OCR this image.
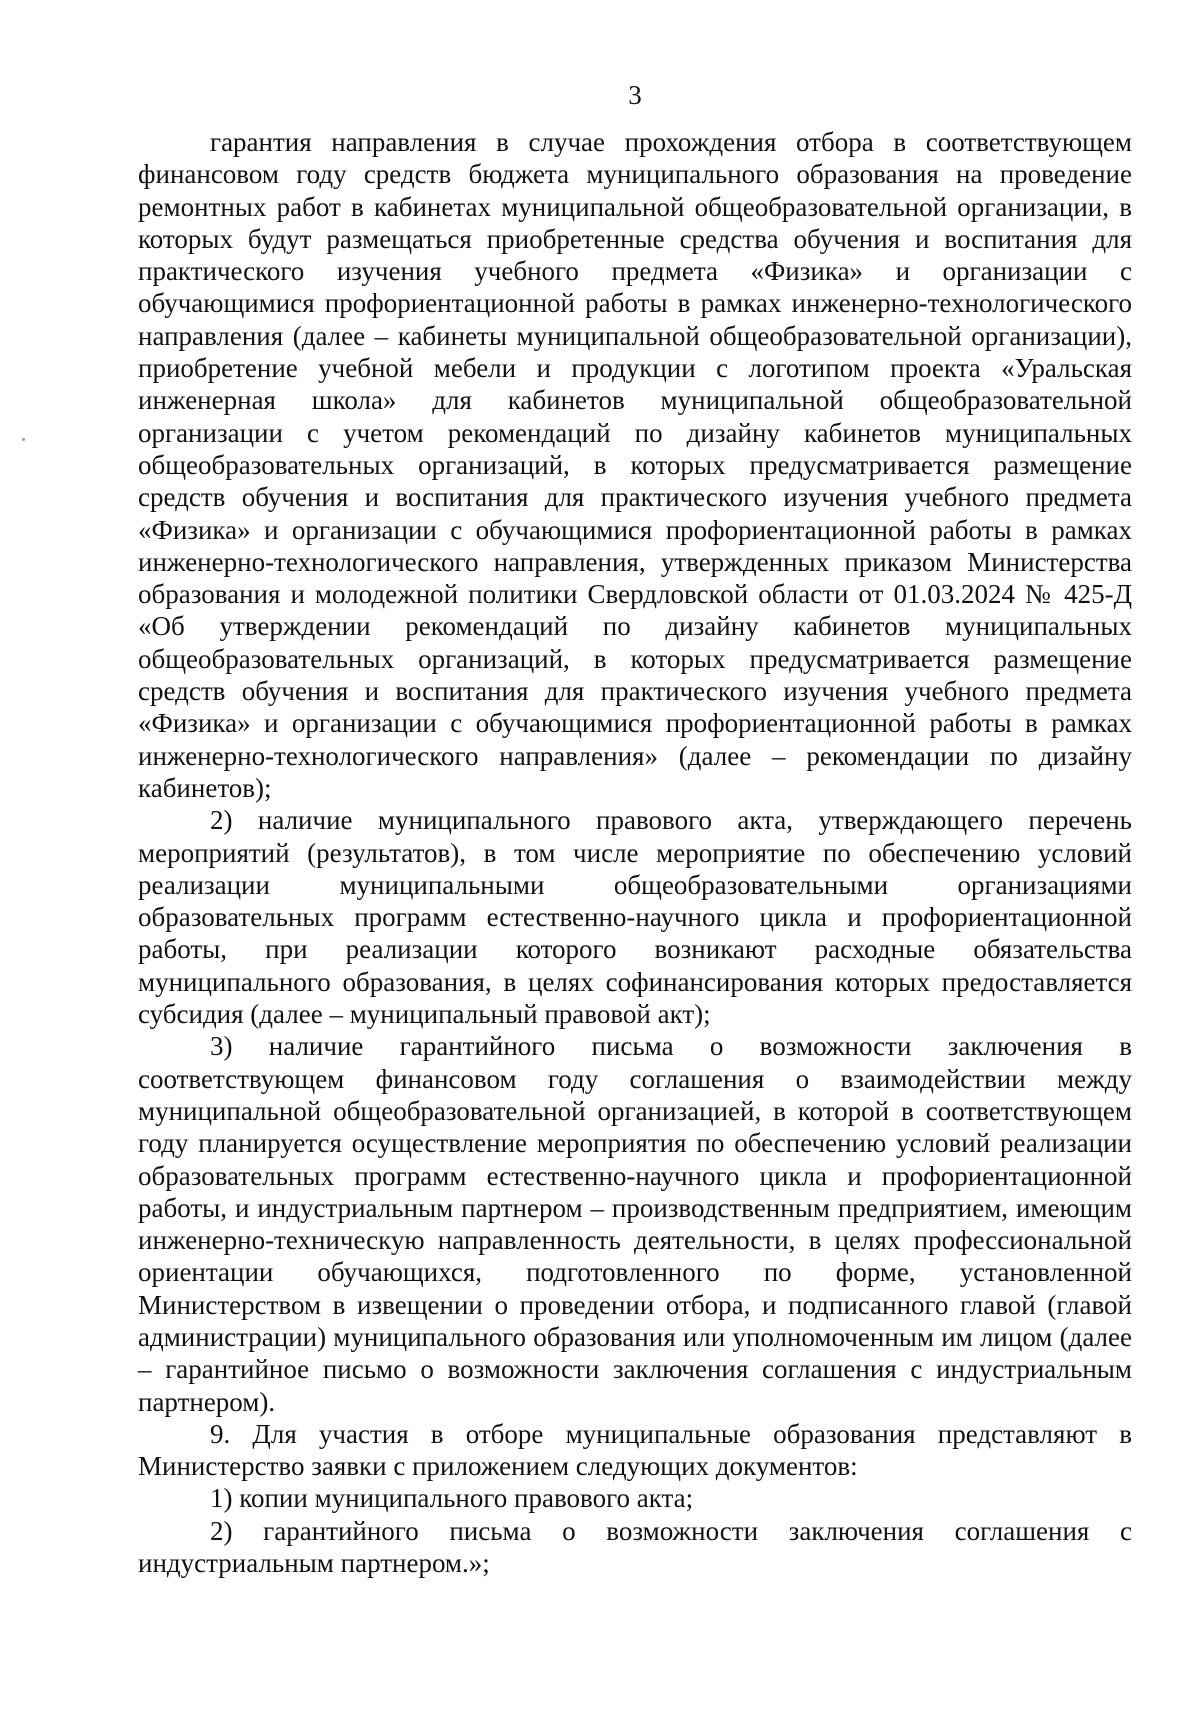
3

гарантия направления в случае прохождения отбора в соответствующем финансовом году средств бюджета муниципального образования на проведение ремонтных работ в кабинетах муниципальной общеобразовательной организации, в которых будут размещаться приобретенные средства обучения и воспитания для практического изучения учебного предмета «Физика» и организации с обучающимися профориентационной работы в рамках инженерно-технологического направления (далее – кабинеты муниципальной общеобразовательной организации), приобретение учебной мебели и продукции с логотипом проекта «Уральская инженерная школа» для кабинетов муниципальной общеобразовательной организации с учетом рекомендаций по дизайну кабинетов муниципальных общеобразовательных организаций, в которых предусматривается размещение средств обучения и воспитания для практического изучения учебного предмета «Физика» и организации с обучающимися профориентационной работы в рамках инженерно-технологического направления, утвержденных приказом Министерства образования и молодежной политики Свердловской области от 01.03.2024 № 425-Д «Об утверждении рекомендаций по дизайну кабинетов муниципальных общеобразовательных организаций, в которых предусматривается размещение средств обучения и воспитания для практического изучения учебного предмета «Физика» и организации с обучающимися профориентационной работы в рамках инженерно-технологического направления» (далее – рекомендации по дизайну кабинетов);

2) наличие муниципального правового акта, утверждающего перечень мероприятий (результатов), в том числе мероприятие по обеспечению условий реализации муниципальными общеобразовательными организациями образовательных программ естественно-научного цикла и профориентационной работы, при реализации которого возникают расходные обязательства муниципального образования, в целях софинансирования которых предоставляется субсидия (далее – муниципальный правовой акт);

3) наличие гарантийного письма о возможности заключения в соответствующем финансовом году соглашения о взаимодействии между муниципальной общеобразовательной организацией, в которой в соответствующем году планируется осуществление мероприятия по обеспечению условий реализации образовательных программ естественно-научного цикла и профориентационной работы, и индустриальным партнером – производственным предприятием, имеющим инженерно-техническую направленность деятельности, в целях профессиональной ориентации обучающихся, подготовленного по форме, установленной Министерством в извещении о проведении отбора, и подписанного главой (главой администрации) муниципального образования или уполномоченным им лицом (далее – гарантийное письмо о возможности заключения соглашения с индустриальным партнером).

9. Для участия в отборе муниципальные образования представляют в Министерство заявки с приложением следующих документов:

1) копии муниципального правового акта;

2) гарантийного письма о возможности заключения соглашения с индустриальным партнером.»;
